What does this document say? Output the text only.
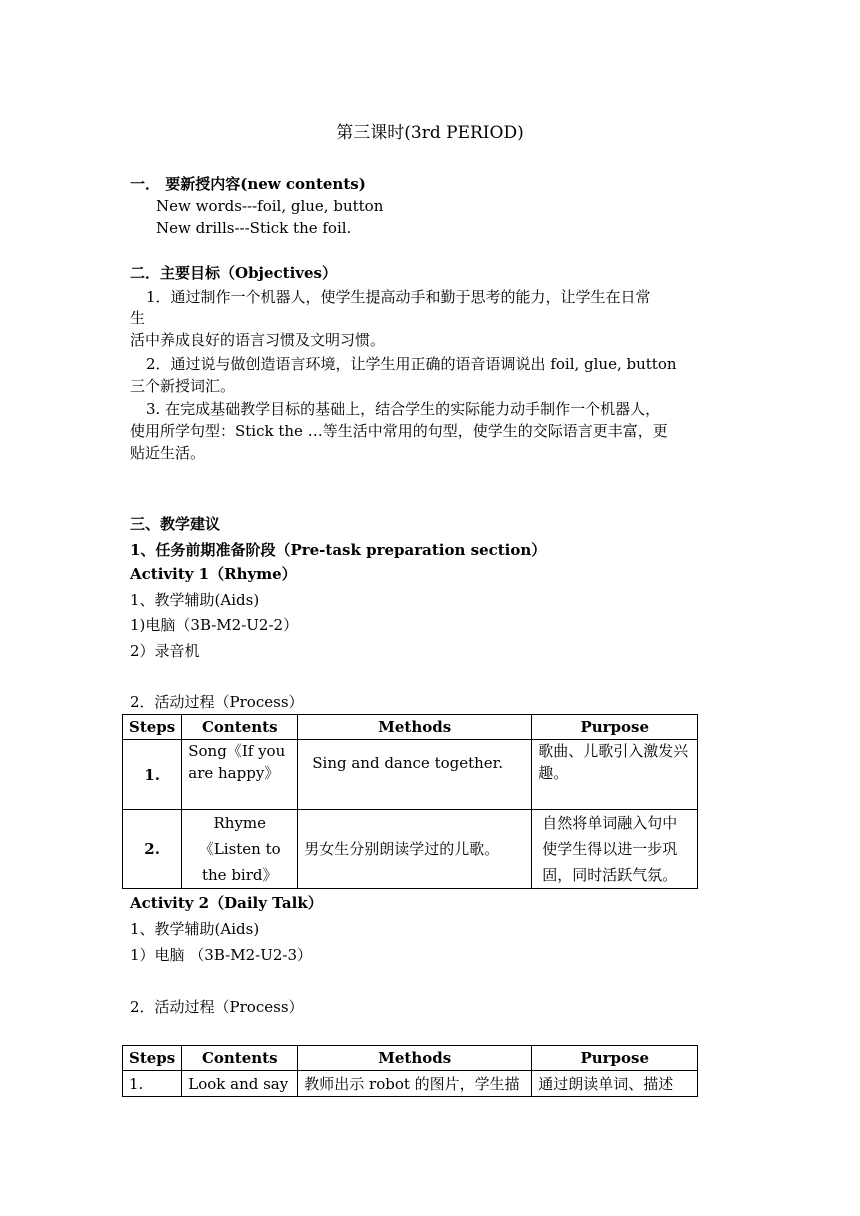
第三课时(3rd PERIOD)
一． 要新授内容(new contents)
New words---foil, glue, button
New drills---Stick the foil.
二．主要目标（Objectives）
1．通过制作一个机器人，使学生提高动手和勤于思考的能力，让学生在日常
生
活中养成良好的语言习惯及文明习惯。
2．通过说与做创造语言环境，让学生用正确的语音语调说出 foil, glue, button
三个新授词汇。
3. 在完成基础教学目标的基础上，结合学生的实际能力动手制作一个机器人，
使用所学句型：Stick the …等生活中常用的句型，使学生的交际语言更丰富，更
贴近生活。
三、教学建议
1、任务前期准备阶段（Pre-task preparation section）
Activity 1（Rhyme）
1、教学辅助(Aids)
1)电脑（3B-M2-U2-2）
2）录音机
2．活动过程（Process）
Steps	Contents	Methods	Purpose
1.	Song《If you are happy》	Sing and dance together.	歌曲、儿歌引入激发兴趣。
2.	Rhyme 《Listen to the bird》	男女生分别朗读学过的儿歌。	自然将单词融入句中使学生得以进一步巩固，同时活跃气氛。
Activity 2（Daily Talk）
1、教学辅助(Aids)
1）电脑 （3B-M2-U2-3）
2．活动过程（Process）
Steps	Contents	Methods	Purpose
1.	Look and say	教师出示 robot 的图片，学生描	通过朗读单词、描述
